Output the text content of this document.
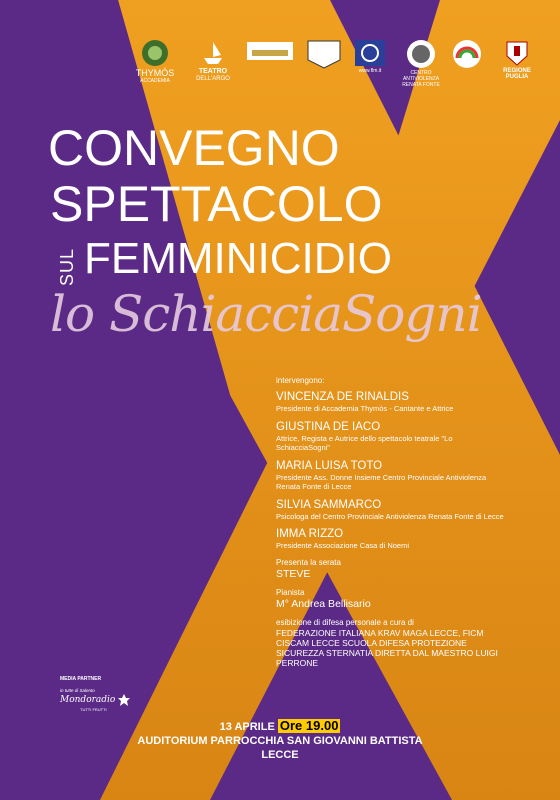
THYMÓS
ACCADEMIA
TEATRO
DELL'ARGO
www.flm.it	CENTRO ANTIVIOLENZA
RENATA FONTE
REGIONE PUGLIA
CONVEGNO
SPETTACOLO
SUL FEMMINICIDIO
lo SchiacciaSogni
intervengono:
VINCENZA DE RINALDIS
Presidente di Accademia Thymòs - Cantante e Attrice
GIUSTINA DE IACO
Attrice, Regista e Autrice dello spettacolo teatrale "Lo SchiacciaSogni"
MARIA LUISA TOTO
Presidente Ass. Donne Insieme Centro Provinciale Antiviolenza Renata Fonte di Lecce
SILVIA SAMMARCO
Psicologa del Centro Provinciale Antiviolenza Renata Fonte di Lecce
IMMA RIZZO
Presidente Associazione Casa di Noemi
Presenta la serata
STEVE
Pianista
M° Andrea Bellisario
esibizione di difesa personale a cura di
FEDERAZIONE ITALIANA KRAV MAGA LECCE, FICM CISCAM LECCE SCUOLA DIFESA PROTEZIONE SICUREZZA STERNATIA DIRETTA DAL MAESTRO LUIGI PERRONE
MEDIA PARTNER
in tutte di Salento
Mondoradio
TUTTI FRUTTI
13 APRILE Ore 19.00
AUDITORIUM PARROCCHIA SAN GIOVANNI BATTISTA
LECCE
